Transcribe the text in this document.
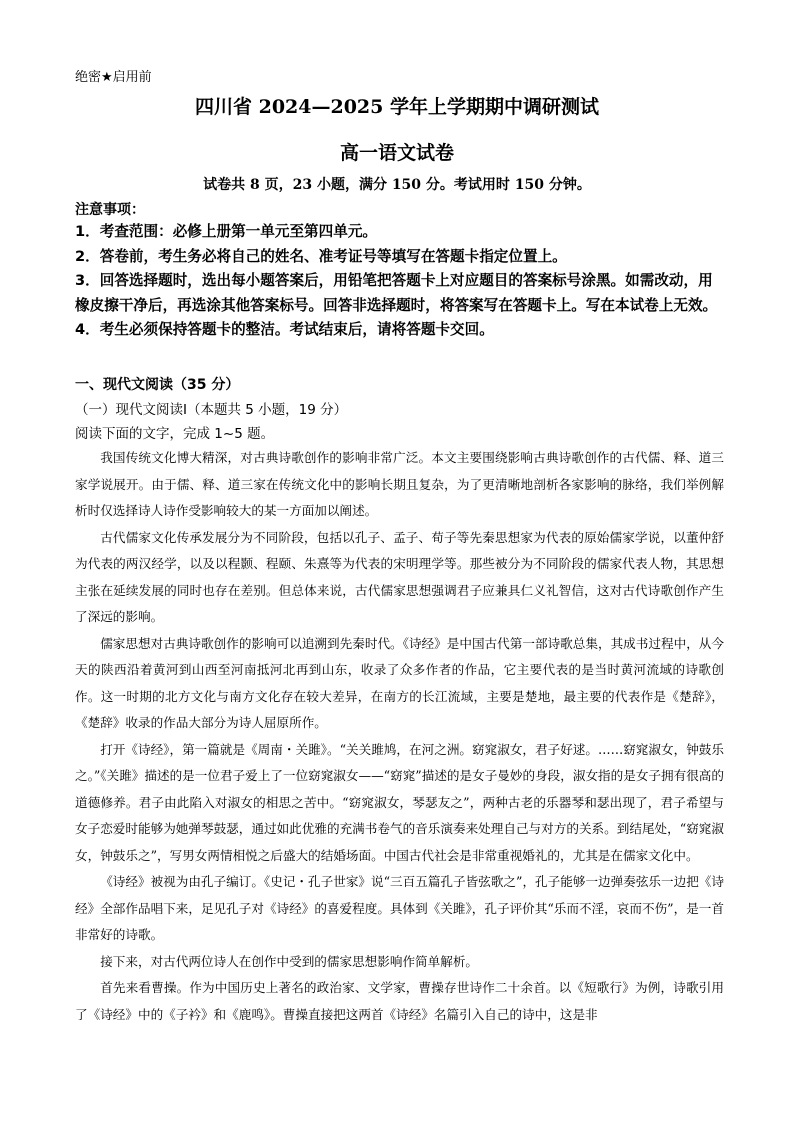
绝密★启用前
四川省 2024—2025 学年上学期期中调研测试
高一语文试卷
试卷共 8 页，23 小题，满分 150 分。考试用时 150 分钟。
注意事项：

1．考查范围：必修上册第一单元至第四单元。

2．答卷前，考生务必将自己的姓名、准考证号等填写在答题卡指定位置上。

3．回答选择题时，选出每小题答案后，用铅笔把答题卡上对应题目的答案标号涂黑。如需改动，用橡皮擦干净后，再选涂其他答案标号。回答非选择题时，将答案写在答题卡上。写在本试卷上无效。

4．考生必须保持答题卡的整洁。考试结束后，请将答题卡交回。

一、现代文阅读（35 分）
（一）现代文阅读Ⅰ（本题共 5 小题，19 分）
阅读下面的文字，完成 1~5 题。

我国传统文化博大精深，对古典诗歌创作的影响非常广泛。本文主要围绕影响古典诗歌创作的古代儒、释、道三家学说展开。由于儒、释、道三家在传统文化中的影响长期且复杂，为了更清晰地剖析各家影响的脉络，我们举例解析时仅选择诗人诗作受影响较大的某一方面加以阐述。

古代儒家文化传承发展分为不同阶段，包括以孔子、孟子、荀子等先秦思想家为代表的原始儒家学说，以董仲舒为代表的两汉经学，以及以程颢、程颐、朱熹等为代表的宋明理学等。那些被分为不同阶段的儒家代表人物，其思想主张在延续发展的同时也存在差别。但总体来说，古代儒家思想强调君子应兼具仁义礼智信，这对古代诗歌创作产生了深远的影响。

儒家思想对古典诗歌创作的影响可以追溯到先秦时代。《诗经》是中国古代第一部诗歌总集，其成书过程中，从今天的陕西沿着黄河到山西至河南抵河北再到山东，收录了众多作者的作品，它主要代表的是当时黄河流域的诗歌创作。这一时期的北方文化与南方文化存在较大差异，在南方的长江流域，主要是楚地，最主要的代表作是《楚辞》，《楚辞》收录的作品大部分为诗人屈原所作。

打开《诗经》，第一篇就是《周南・关雎》。“关关雎鸠，在河之洲。窈窕淑女，君子好逑。……窈窕淑女，钟鼓乐之。”《关雎》描述的是一位君子爱上了一位窈窕淑女——“窈窕”描述的是女子曼妙的身段，淑女指的是女子拥有很高的道德修养。君子由此陷入对淑女的相思之苦中。“窈窕淑女，琴瑟友之”，两种古老的乐器琴和瑟出现了，君子希望与女子恋爱时能够为她弹琴鼓瑟，通过如此优雅的充满书卷气的音乐演奏来处理自己与对方的关系。到结尾处，“窈窕淑女，钟鼓乐之”，写男女两情相悦之后盛大的结婚场面。中国古代社会是非常重视婚礼的，尤其是在儒家文化中。

《诗经》被视为由孔子编订。《史记・孔子世家》说“三百五篇孔子皆弦歌之”，孔子能够一边弹奏弦乐一边把《诗经》全部作品唱下来，足见孔子对《诗经》的喜爱程度。具体到《关雎》，孔子评价其“乐而不淫，哀而不伤”，是一首非常好的诗歌。

接下来，对古代两位诗人在创作中受到的儒家思想影响作简单解析。

首先来看曹操。作为中国历史上著名的政治家、文学家，曹操存世诗作二十余首。以《短歌行》为例，诗歌引用了《诗经》中的《子衿》和《鹿鸣》。曹操直接把这两首《诗经》名篇引入自己的诗中，这是非
